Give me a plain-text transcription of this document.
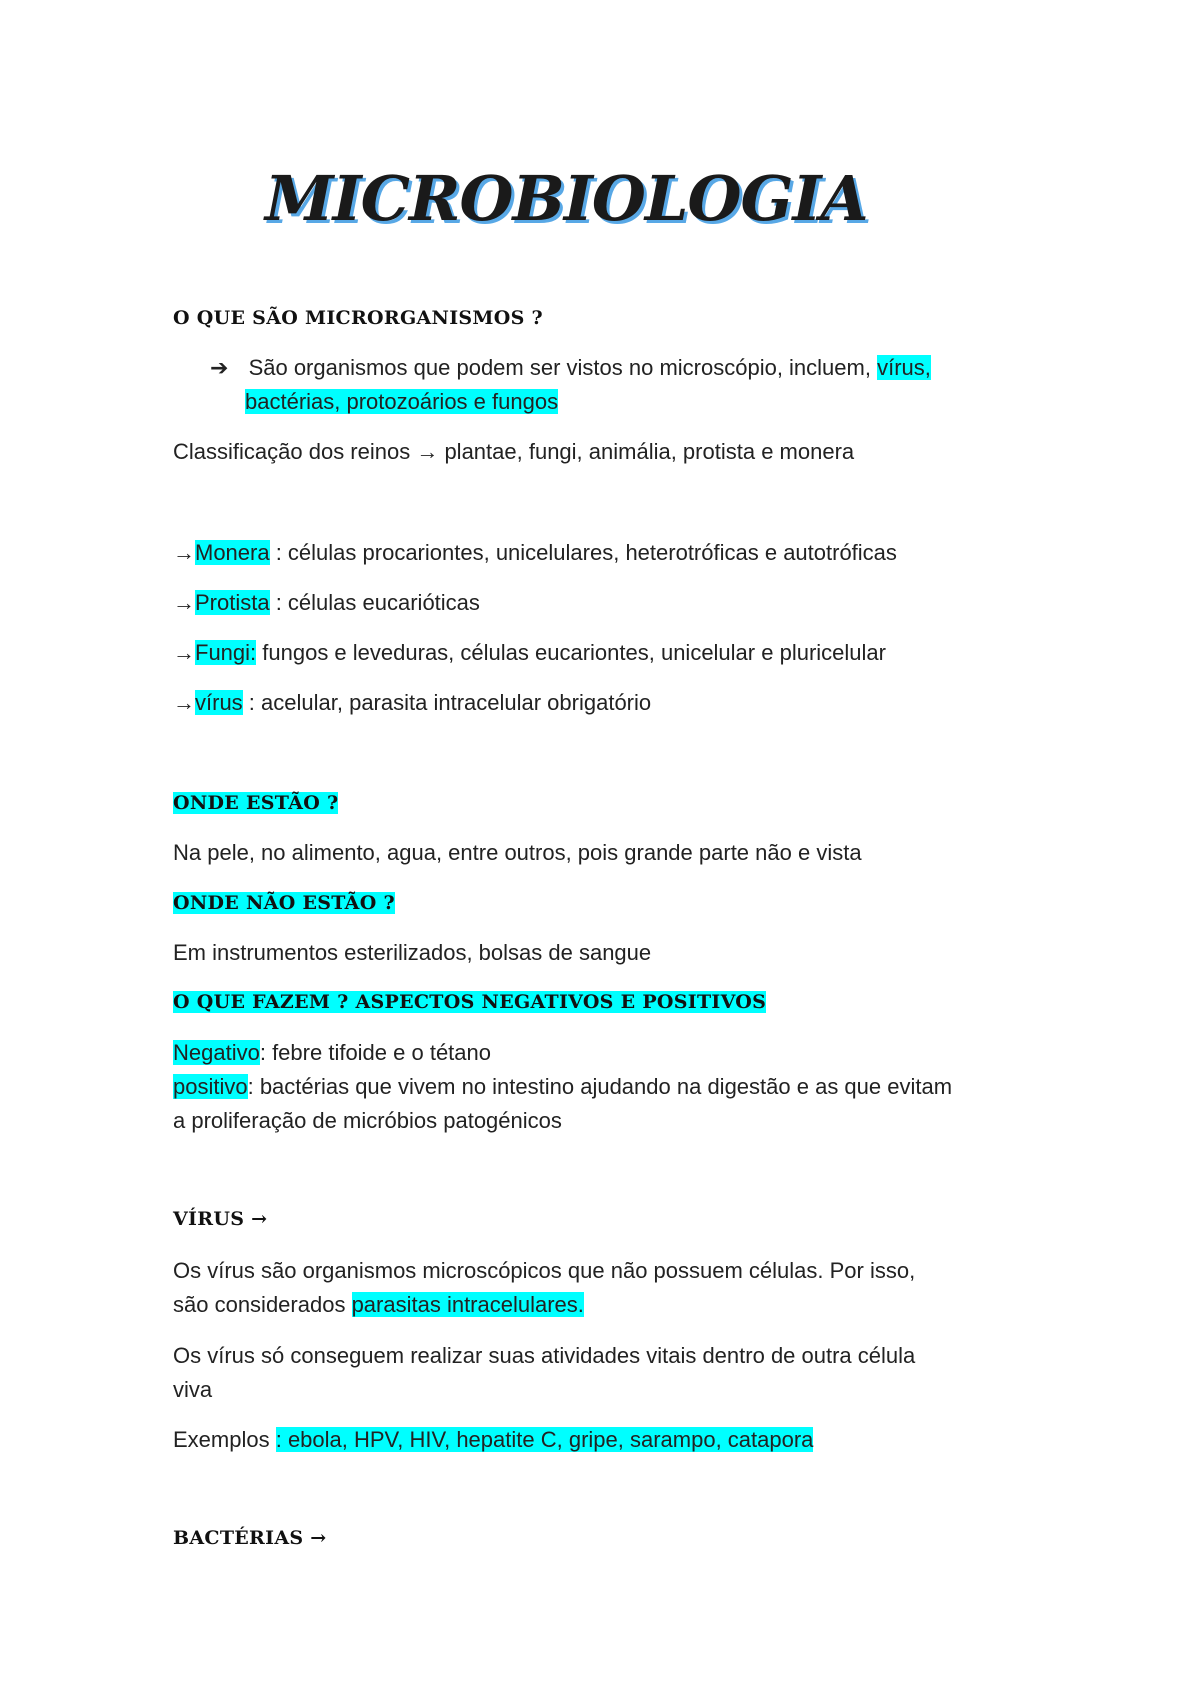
MICROBIOLOGIA
O QUE SÃO MICRORGANISMOS ?
➔ São organismos que podem ser vistos no microscópio, incluem, vírus,
bactérias, protozoários e fungos
Classificação dos reinos → plantae, fungi, animália, protista e monera
→Monera : células procariontes, unicelulares, heterotróficas e autotróficas
→Protista : células eucarióticas
→Fungi: fungos e leveduras, células eucariontes, unicelular e pluricelular
→vírus : acelular, parasita intracelular obrigatório
ONDE ESTÃO ?
Na pele, no alimento, agua, entre outros, pois grande parte não e vista
ONDE NÃO ESTÃO ?
Em instrumentos esterilizados, bolsas de sangue
O QUE FAZEM ? ASPECTOS NEGATIVOS E POSITIVOS
Negativo: febre tifoide e o tétano
positivo: bactérias que vivem no intestino ajudando na digestão e as que evitam
a proliferação de micróbios patogénicos
VÍRUS →
Os vírus são organismos microscópicos que não possuem células. Por isso,
são considerados parasitas intracelulares.
Os vírus só conseguem realizar suas atividades vitais dentro de outra célula
viva
Exemplos : ebola, HPV, HIV, hepatite C, gripe, sarampo, catapora
BACTÉRIAS →
